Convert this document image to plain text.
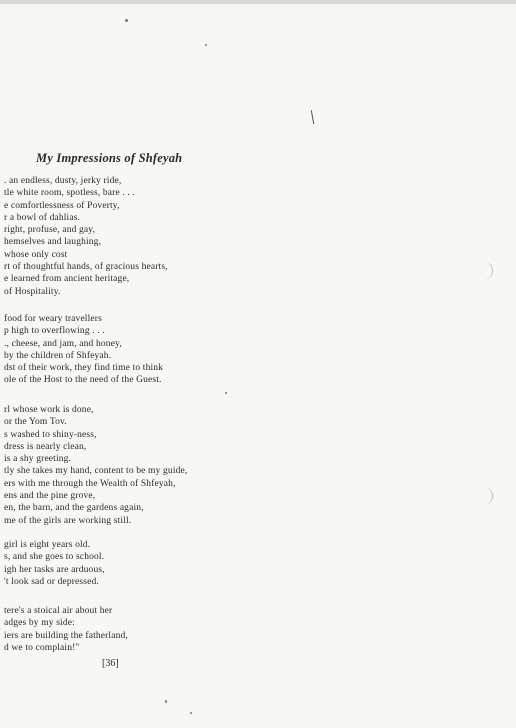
My Impressions of Shfeyah
. an endless, dusty, jerky ride,
tle white room, spotless, bare . . .
e comfortlessness of Poverty,
r a bowl of dahlias.
right, profuse, and gay,
hemselves and laughing,
whose only cost
rt of thoughtful hands, of gracious hearts,
e learned from ancient heritage,
of Hospitality.
food for weary travellers
p high to overflowing . . .
., cheese, and jam, and honey,
by the children of Shfeyah.
dst of their work, they find time to think
ole of the Host to the need of the Guest.
rl whose work is done,
or the Yom Tov.
s washed to shiny-ness,
dress is nearly clean,
is a shy greeting.
tly she takes my hand, content to be my guide,
ers with me through the Wealth of Shfeyah,
ens and the pine grove,
en, the barn, and the gardens again,
me of the girls are working still.
girl is eight years old.
s, and she goes to school.
igh her tasks are arduous,
't look sad or depressed.
tere's a stoical air about her
adges by my side:
iers are building the fatherland,
d we to complain!"
[36]
